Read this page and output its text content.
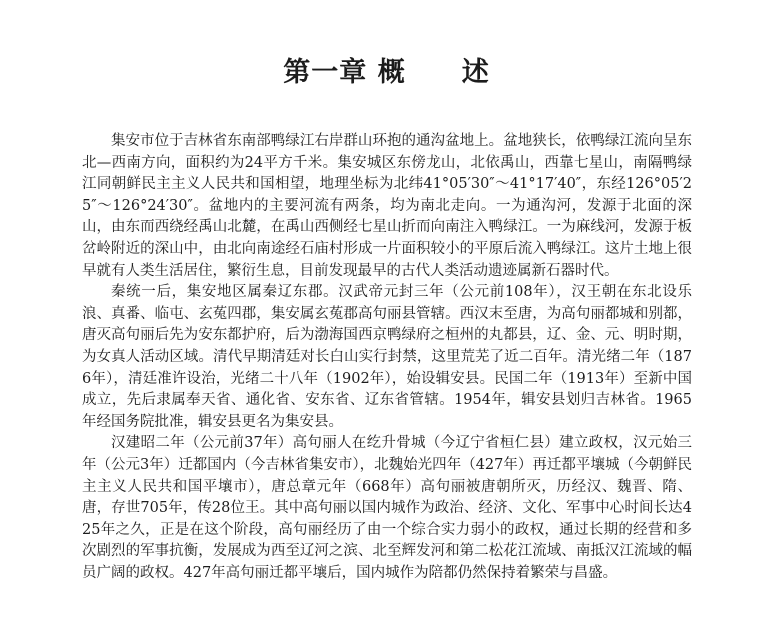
第一章 概　　述

集安市位于吉林省东南部鸭绿江右岸群山环抱的通沟盆地上。盆地狭长，依鸭绿江流向呈东北—西南方向，面积约为24平方千米。集安城区东傍龙山，北依禹山，西靠七星山，南隔鸭绿江同朝鲜民主主义人民共和国相望，地理坐标为北纬41°05′30″～41°17′40″，东经126°05′25″～126°24′30″。盆地内的主要河流有两条，均为南北走向。一为通沟河，发源于北面的深山，由东而西绕经禹山北麓，在禹山西侧经七星山折而向南注入鸭绿江。一为麻线河，发源于板岔岭附近的深山中，由北向南途经石庙村形成一片面积较小的平原后流入鸭绿江。这片土地上很早就有人类生活居住，繁衍生息，目前发现最早的古代人类活动遗迹属新石器时代。

秦统一后，集安地区属秦辽东郡。汉武帝元封三年（公元前108年），汉王朝在东北设乐浪、真番、临屯、玄菟四郡，集安属玄菟郡高句丽县管辖。西汉末至唐，为高句丽都城和别都，唐灭高句丽后先为安东都护府，后为渤海国西京鸭绿府之桓州的丸都县，辽、金、元、明时期，为女真人活动区域。清代早期清廷对长白山实行封禁，这里荒芜了近二百年。清光绪二年（1876年），清廷准许设治，光绪二十八年（1902年），始设辑安县。民国二年（1913年）至新中国成立，先后隶属奉天省、通化省、安东省、辽东省管辖。1954年，辑安县划归吉林省。1965年经国务院批准，辑安县更名为集安县。

汉建昭二年（公元前37年）高句丽人在纥升骨城（今辽宁省桓仁县）建立政权，汉元始三年（公元3年）迁都国内（今吉林省集安市），北魏始光四年（427年）再迁都平壤城（今朝鲜民主主义人民共和国平壤市），唐总章元年（668年）高句丽被唐朝所灭，历经汉、魏晋、隋、唐，存世705年，传28位王。其中高句丽以国内城作为政治、经济、文化、军事中心时间长达425年之久，正是在这个阶段，高句丽经历了由一个综合实力弱小的政权，通过长期的经营和多次剧烈的军事抗衡，发展成为西至辽河之滨、北至辉发河和第二松花江流域、南抵汉江流域的幅员广阔的政权。427年高句丽迁都平壤后，国内城作为陪都仍然保持着繁荣与昌盛。
